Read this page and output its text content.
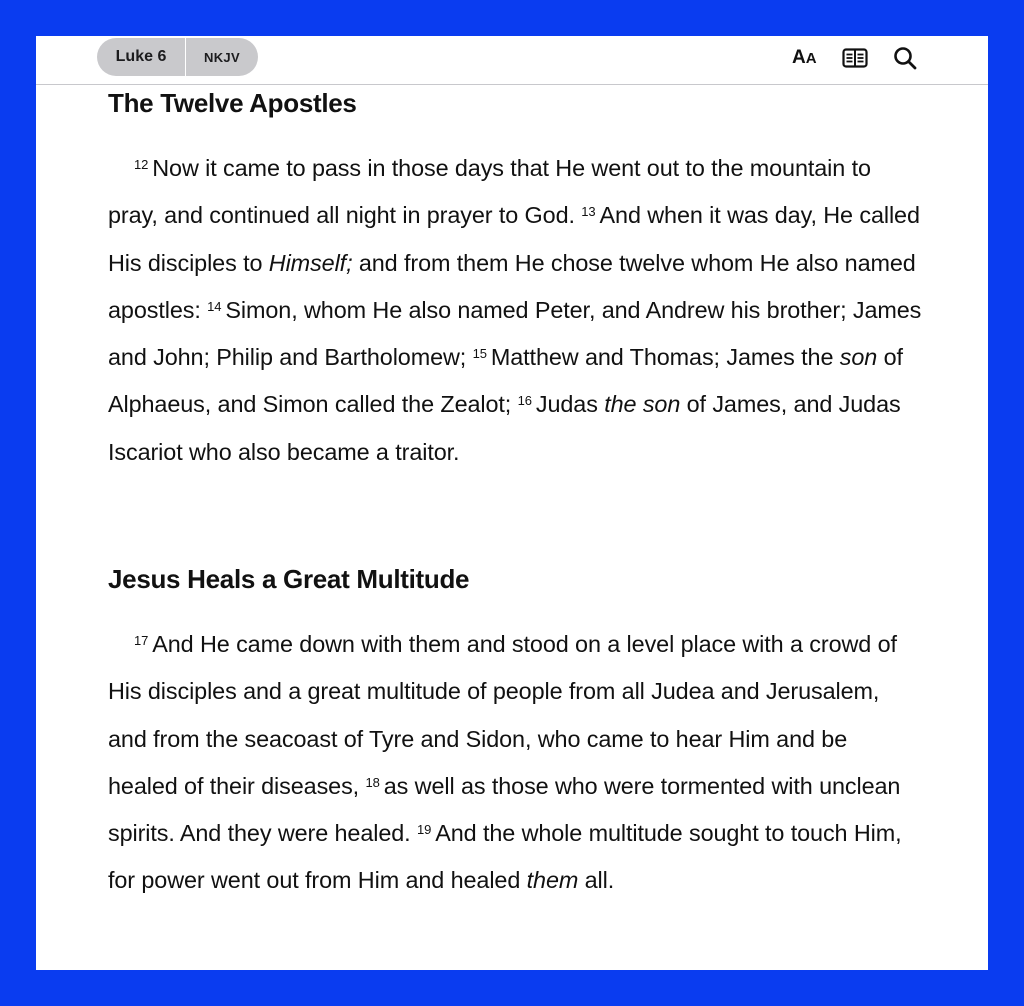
Luke 6	NKJV	AA
The Twelve Apostles
$^{12}$ Now it came to pass in those days that He went out to the mountain to pray, and continued all night in prayer to God. $^{13}$ And when it was day, He called His disciples to Himself; and from them He chose twelve whom He also named apostles: $^{14}$ Simon, whom He also named Peter, and Andrew his brother; James and John; Philip and Bartholomew; $^{15}$ Matthew and Thomas; James the son of Alphaeus, and Simon called the Zealot; $^{16}$ Judas the son of James, and Judas Iscariot who also became a traitor.
Jesus Heals a Great Multitude
$^{17}$ And He came down with them and stood on a level place with a crowd of His disciples and a great multitude of people from all Judea and Jerusalem, and from the seacoast of Tyre and Sidon, who came to hear Him and be healed of their diseases, $^{18}$ as well as those who were tormented with unclean spirits. And they were healed. $^{19}$ And the whole multitude sought to touch Him, for power went out from Him and healed them all.
